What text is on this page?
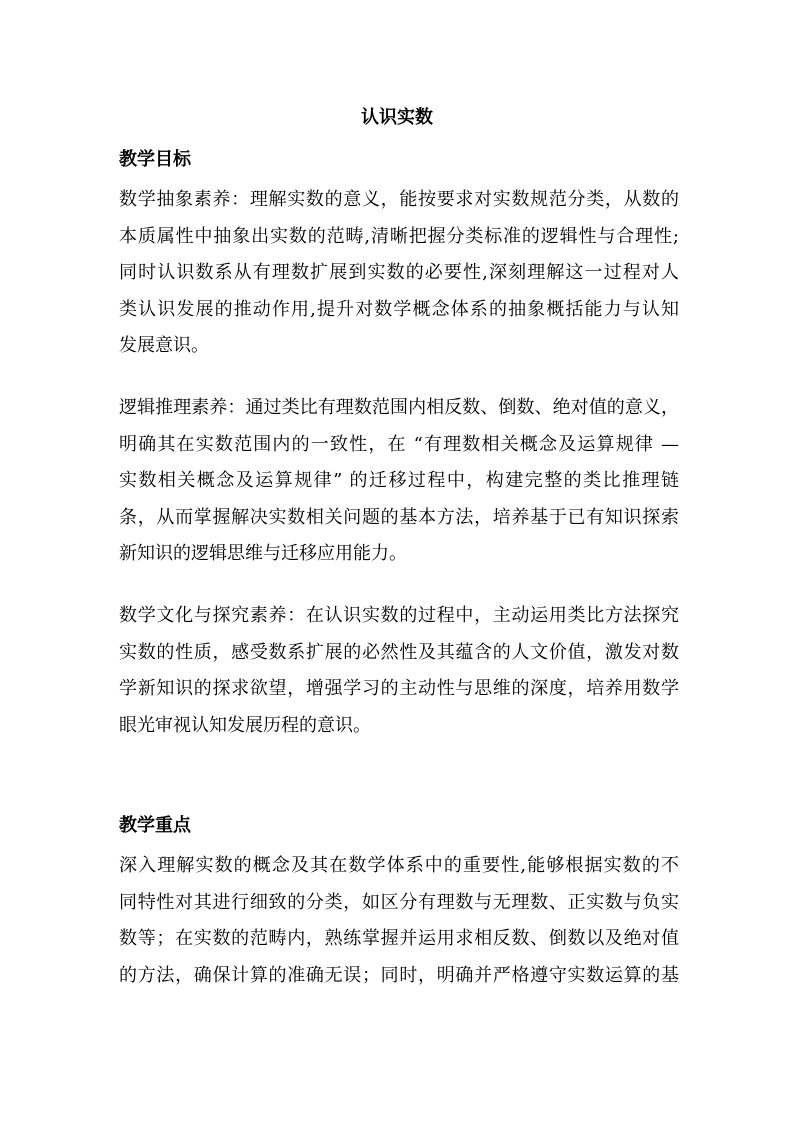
认识实数
教学目标
数学抽象素养：理解实数的意义，能按要求对实数规范分类，从数的
本质属性中抽象出实数的范畴,清晰把握分类标准的逻辑性与合理性;
同时认识数系从有理数扩展到实数的必要性,深刻理解这一过程对人
类认识发展的推动作用,提升对数学概念体系的抽象概括能力与认知
发展意识。
逻辑推理素养：通过类比有理数范围内相反数、倒数、绝对值的意义，
明确其在实数范围内的一致性，在 “有理数相关概念及运算规律 —
实数相关概念及运算规律” 的迁移过程中，构建完整的类比推理链
条，从而掌握解决实数相关问题的基本方法，培养基于已有知识探索
新知识的逻辑思维与迁移应用能力。
数学文化与探究素养：在认识实数的过程中，主动运用类比方法探究
实数的性质，感受数系扩展的必然性及其蕴含的人文价值，激发对数
学新知识的探求欲望，增强学习的主动性与思维的深度，培养用数学
眼光审视认知发展历程的意识。
教学重点
深入理解实数的概念及其在数学体系中的重要性,能够根据实数的不
同特性对其进行细致的分类，如区分有理数与无理数、正实数与负实
数等；在实数的范畴内，熟练掌握并运用求相反数、倒数以及绝对值
的方法，确保计算的准确无误；同时，明确并严格遵守实数运算的基
